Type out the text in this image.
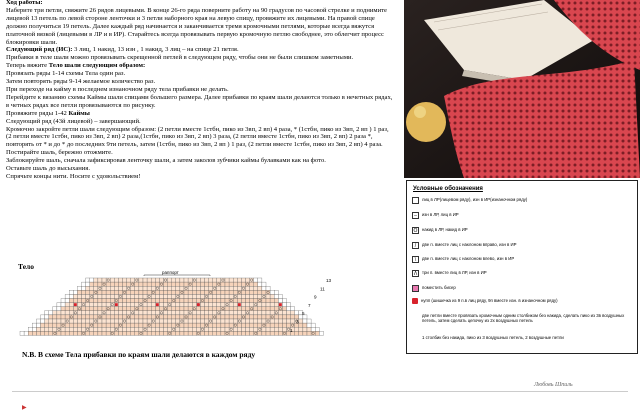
Ход работы:

Наберите три петли, свяжите 26 рядов лицевыми. В конце 26-го ряда поверните работу на 90 градусов по часовой стрелке и поднимите лицевой 13 петель по левой стороне ленточки и 3 петли наборного края на левую спицу, провяжите их лицевыми. На правой спице должно получиться 19 петель. Далее каждый ряд начинается и заканчивается тремя кромочными петлями, которые всегда вяжутся платочной вязкой (лицевыми в ЛР и в ИР). Старайтесь всегда провязывать первую кромочную петлю свободнее, это облегчит процесс блокировки шали.

Следующий ряд (ИС): 3 лиц, 1 накид, 13 изн , 1 накид, 3 лиц – на спице 21 петля.

Прибавки в теле шали можно провязывать скрещенной петлей в следующем ряду, чтобы они не были слишком заметными.

Теперь вяжите Тело шали следующим образом:

Провязать ряды 1-14 схемы Тела один раз.

Затем повторять ряды 9-14 желаемое количество раз.

При переходе на кайму в последнем изнаночном ряду тела прибавки не делать.

Перейдите к вязанию схемы Каймы шали спицами большего размера. Далее прибавки по краям шали делаются только в нечетных рядах, в четных рядах все петли провязываются по рисунку.

Провяжите ряды 1-42 Каймы

Следующий ряд (43й лицевой) – завершающий.

Кромочно закройте петли шали следующим образом: (2 петли вместе 1стбн, пико из 3вп, 2 вп) 4 раза, * (1стбн, пико из 3вп, 2 вп ) 1 раз, (2 петли вместе 1стбн, пико из 3вп, 2 вп) 2 раза,(1стбн, пико из 3вп, 2 вп) 3 раза, (2 петли вместе 1стбн, пико из 3вп, 2 вп) 2 раза *, повторять от * и до * до последних 9ти петель, затем (1стбн, пико из 3вп, 2 вп ) 1 раз, (2 петли вместе 1стбн, пико из 3вп, 2 вп) 4 раза.

Постирайте шаль, бережно отожмите.

Заблокируйте шаль, сначала зафиксировав ленточку шали, а затем заколов зубчики каймы булавками как на фото.

Оставьте шаль до высыхания.

Спрячьте концы нити. Носите с удовольствием!

Тело
раппорт
13
11
9
7
5
3
1
N.B. В схеме Тела прибавки по краям шали делаются в каждом ряду
Условные обозначения
лиц в ЛР(лицевом ряду), изн в ИР(изнаночном ряду)
–	изн в ЛР, лиц в ИР
O	накид в ЛР, накид в ИР
/	две п. вместе лиц с наклоном вправо, изн в ИР
\	две п. вместе лиц с наклоном влево, изн в ИР
Λ	три п. вместе лиц в ЛР, изн в ИР
поместить бисер
нупп (шишечка из 9 п.в лиц ряду, 9п вместе изн. в изнаночном ряду)
две петли вместе провязать кромочным одним столбиком без накида, сделать пико из 3в воздушных петель, затем сделать цепочку из 2х воздушных петель
1 столбик без накида, пико из 3 воздушных петель, 2 воздушные петли
Любовь Шпиль
▶
